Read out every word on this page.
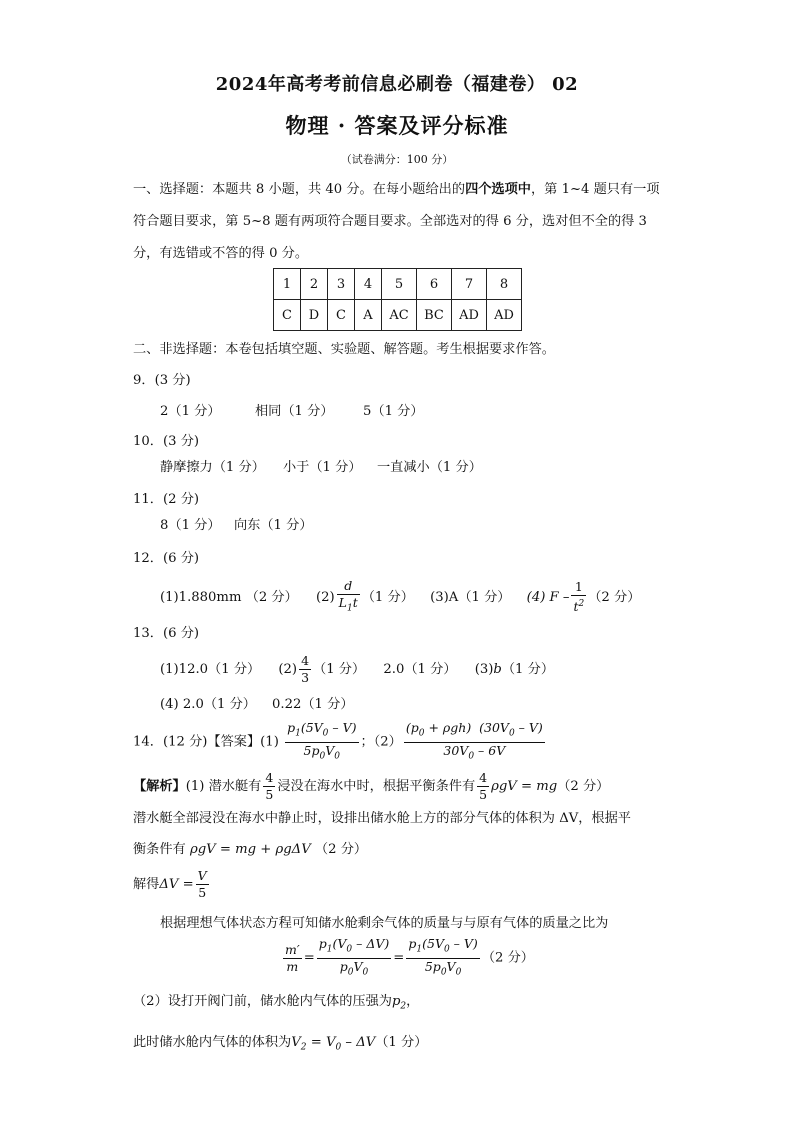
2024年高考考前信息必刷卷（福建卷） 02
物理 · 答案及评分标准
（试卷满分：100 分）
一、选择题：本题共 8 小题，共 40 分。在每小题给出的四个选项中，第 1~4 题只有一项符合题目要求，第 5~8 题有两项符合题目要求。全部选对的得 6 分，选对但不全的得 3 分，有选错或不答的得 0 分。
1	2	3	4	5	6	7	8
C	D	C	A	AC	BC	AD	AD
二、非选择题：本卷包括填空题、实验题、解答题。考生根据要求作答。
9．(3 分)
2（1 分）	相同（1 分） 5（1 分）
10．(3 分)
静摩擦力（1 分） 小于（1 分） 一直减小（1 分）
11．(2 分)
8（1 分） 向东（1 分）
12．(6 分)
(1)1.880mm （2 分） $(2) \frac{d}{L_1t} (1$ 分） (3)A（1 分） (4) F – $\frac{1}{t^2} (2$ 分）
13．(6 分)
(1)12.0（1 分） $(2) \frac{4}{3} (1$ 分） 2.0（1 分） (3)b（1 分）
(4) 2.0（1 分） 0.22（1 分）
14．(12 分)【答案】$(1) \frac{p_1(5V_0 - V)}{5p_0V_0}$ ；$(2) \frac{(p_0 + \rho gh) (30V_0 - V)}{30V_0 - 6V}$
【解析】(1) 潜水艇有 $\frac{4}{5}$ 浸没在海水中时，根据平衡条件有 $\frac{4}{5}$ ρgV = mg（2 分）
潜水艇全部浸没在海水中静止时，设排出储水舱上方的部分气体的体积为 ΔV，根据平
衡条件有 ρgV = mg + ρgΔV （2 分）
解得$\Delta V = \frac{V}{5}$
根据理想气体状态方程可知储水舱剩余气体的质量与与原有气体的质量之比为
$\frac{m'}{m} = \frac{p_1(V_0 - \Delta V)}{p_0V_0} = \frac{p_1(5V_0 - V)}{5p_0V_0} (2$ 分）
（2）设打开阀门前，储水舱内气体的压强为$p_2$，
此时储水舱内气体的体积为$V_2 = V_0 - \Delta V(1$ 分）
